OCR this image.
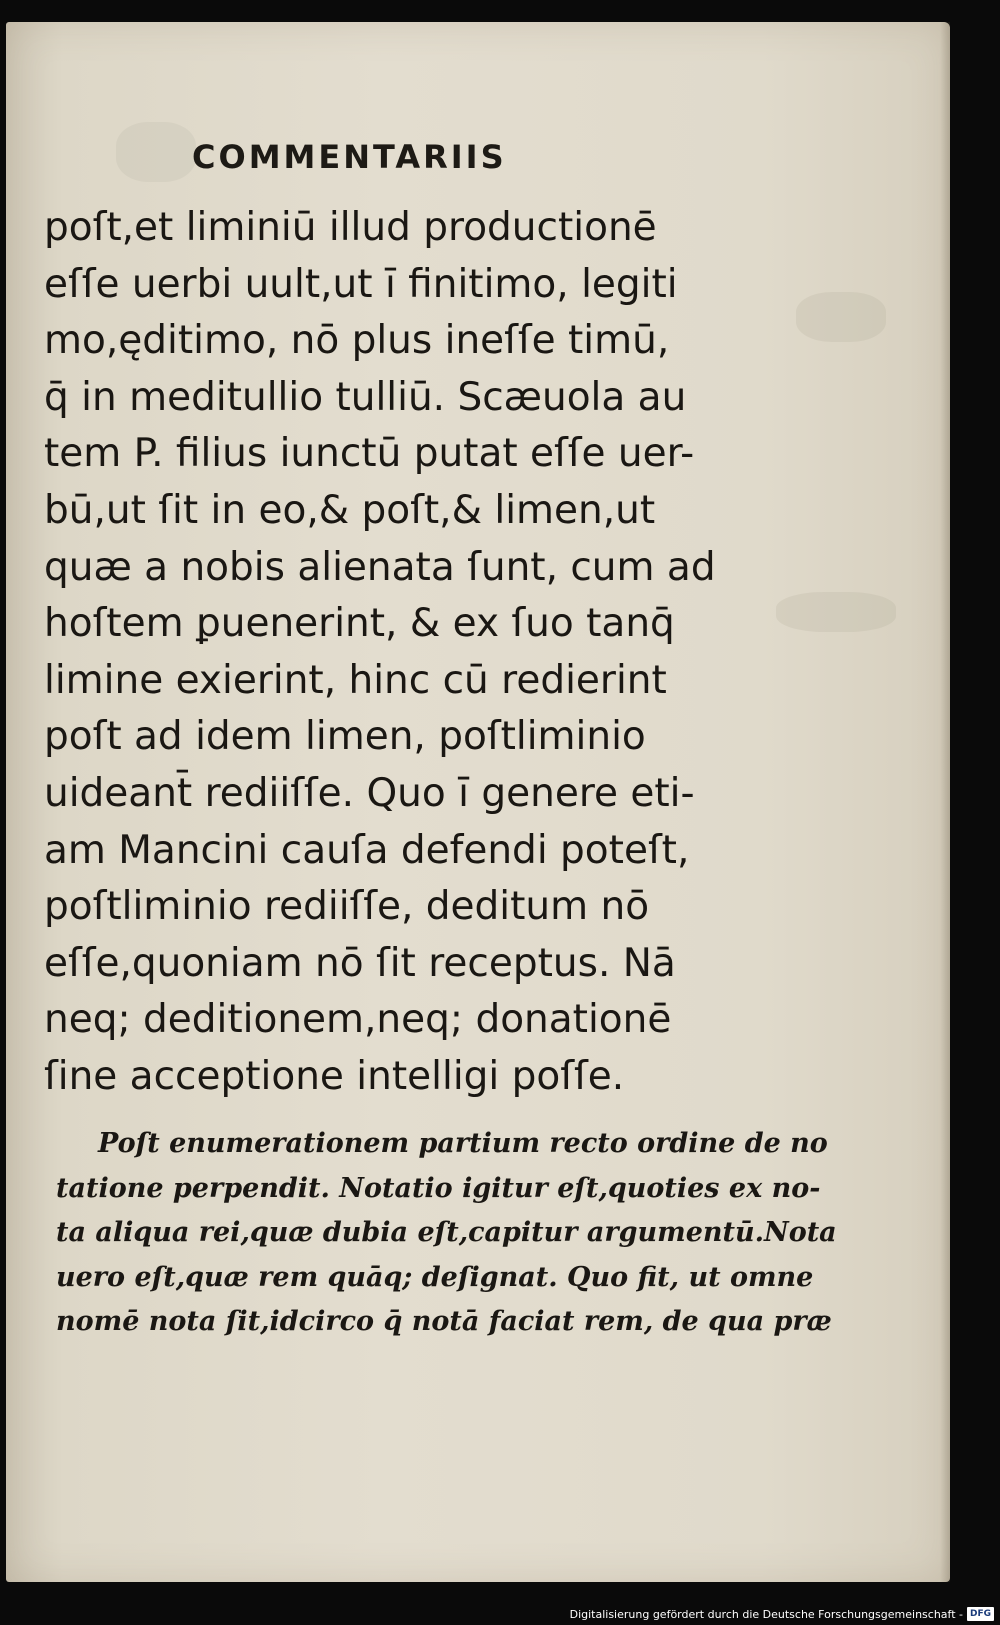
COMMENTARIIS
poſt,et liminiū illud productionē
eſſe uerbi uult,ut ī finitimo, legiti
mo,ęditimo, nō plus ineſſe timū,
q̄ in meditullio tulliū. Scæuola au
tem P. filius iunctū putat eſſe uer-
bū,ut ſit in eo,& poſt,& limen,ut
quæ a nobis alienata ſunt, cum ad
hoſtem ꝑuenerint, & ex ſuo tanq̄
limine exierint, hinc cū redierint
poſt ad idem limen, poſtliminio
uideant̄ rediiſſe. Quo ī genere eti-
am Mancini cauſa defendi poteſt,
poſtliminio rediiſſe, deditum nō
eſſe,quoniam nō ſit receptus. Nā
neq; deditionem,neq; donationē
ſine acceptione intelligi poſſe.
Poſt enumerationem partium recto ordine de no
tatione perpendit. Notatio igitur eſt,quoties ex no-
ta aliqua rei,quæ dubia eſt,capitur argumentū.Nota
uero eſt,quæ rem quāq; deſignat. Quo fit, ut omne
nomē nota ſit,idcirco q̄ notā faciat rem, de qua præ
Digitalisierung gefördert durch die Deutsche Forschungsgemeinschaft - DFG
